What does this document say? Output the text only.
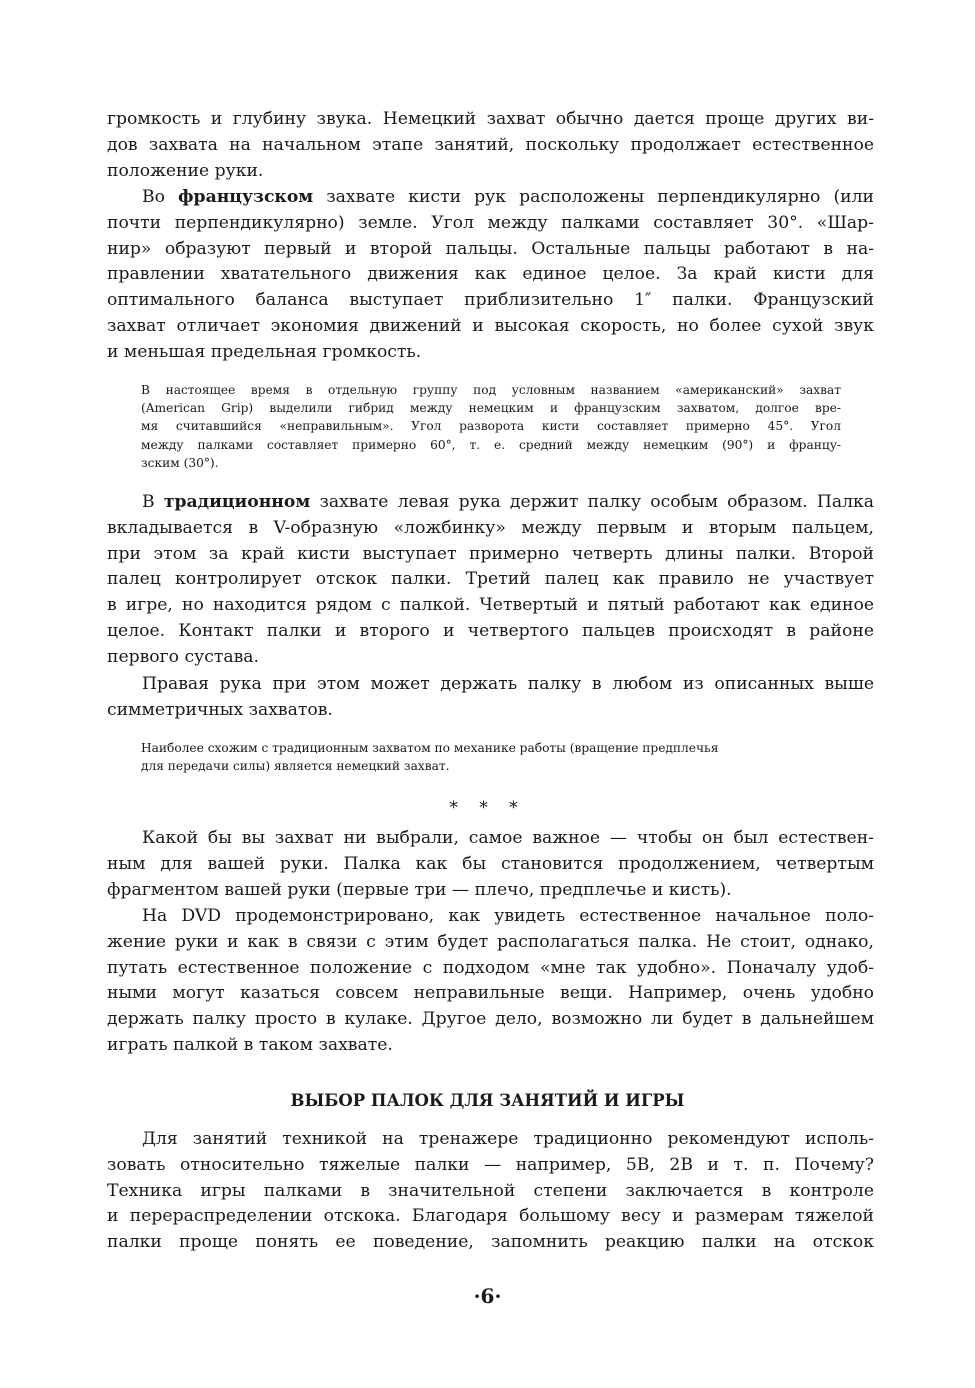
громкость и глубину звука. Немецкий захват обычно дается проще других ви-
дов захвата на начальном этапе занятий, поскольку продолжает естественное
положение руки.
Во французском захвате кисти рук расположены перпендикулярно (или
почти перпендикулярно) земле. Угол между палками составляет 30°. «Шар-
нир» образуют первый и второй пальцы. Остальные пальцы работают в на-
правлении хватательного движения как единое целое. За край кисти для
оптимального баланса выступает приблизительно 1″ палки. Французский
захват отличает экономия движений и высокая скорость, но более сухой звук
и меньшая предельная громкость.
В настоящее время в отдельную группу под условным названием «американский» захват
(American Grip) выделили гибрид между немецким и французским захватом, долгое вре-
мя считавшийся «неправильным». Угол разворота кисти составляет примерно 45°. Угол
между палками составляет примерно 60°, т. е. средний между немецким (90°) и францу-
зским (30°).
В традиционном захвате левая рука держит палку особым образом. Палка
вкладывается в V-образную «ложбинку» между первым и вторым пальцем,
при этом за край кисти выступает примерно четверть длины палки. Второй
палец контролирует отскок палки. Третий палец как правило не участвует
в игре, но находится рядом с палкой. Четвертый и пятый работают как единое
целое. Контакт палки и второго и четвертого пальцев происходят в районе
первого сустава.
Правая рука при этом может держать палку в любом из описанных выше
симметричных захватов.
Наиболее схожим с традиционным захватом по механике работы (вращение предплечья
для передачи силы) является немецкий захват.
* * *
Какой бы вы захват ни выбрали, самое важное — чтобы он был естествен-
ным для вашей руки. Палка как бы становится продолжением, четвертым
фрагментом вашей руки (первые три — плечо, предплечье и кисть).
На DVD продемонстрировано, как увидеть естественное начальное поло-
жение руки и как в связи с этим будет располагаться палка. Не стоит, однако,
путать естественное положение с подходом «мне так удобно». Поначалу удоб-
ными могут казаться совсем неправильные вещи. Например, очень удобно
держать палку просто в кулаке. Другое дело, возможно ли будет в дальнейшем
играть палкой в таком захвате.
ВЫБОР ПАЛОК ДЛЯ ЗАНЯТИЙ И ИГРЫ
Для занятий техникой на тренажере традиционно рекомендуют исполь-
зовать относительно тяжелые палки — например, 5В, 2В и т. п. Почему?
Техника игры палками в значительной степени заключается в контроле
и перераспределении отскока. Благодаря большому весу и размерам тяжелой
палки проще понять ее поведение, запомнить реакцию палки на отскок
·6·
